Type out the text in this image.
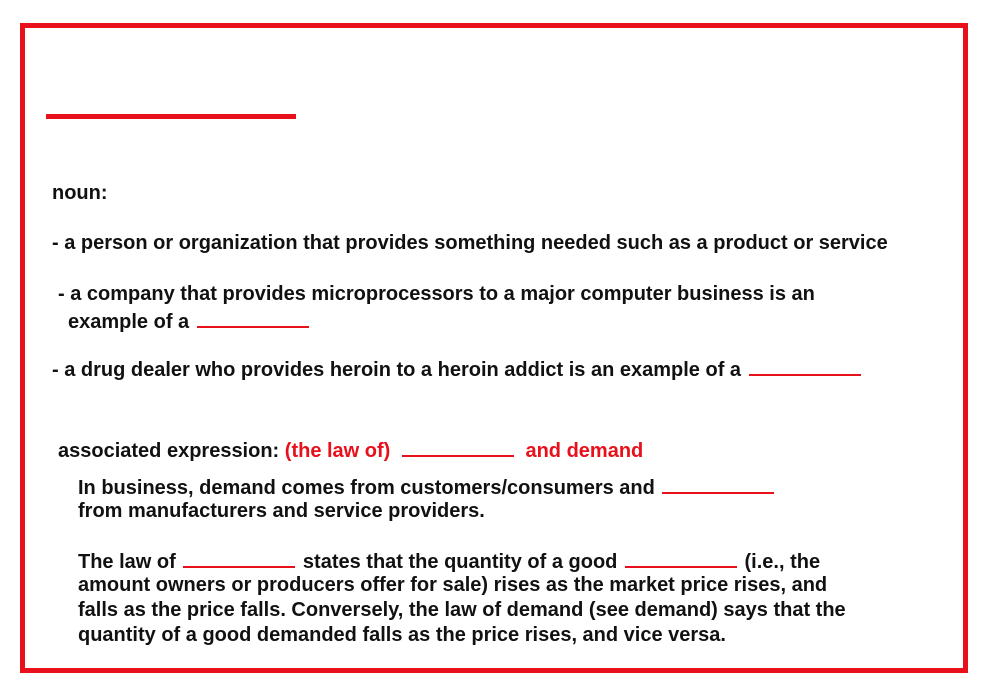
noun:
- a person or organization that provides something needed such as a product or service
- a company that provides microprocessors to a major computer business is an
example of a
- a drug dealer who provides heroin to a heroin addict is an example of a
associated expression: (the law of)	and demand
In business, demand comes from customers/consumers and
from manufacturers and service providers.
The law of	states that the quantity of a good	(i.e., the
amount owners or producers offer for sale) rises as the market price rises, and
falls as the price falls. Conversely, the law of demand (see demand) says that the
quantity of a good demanded falls as the price rises, and vice versa.
